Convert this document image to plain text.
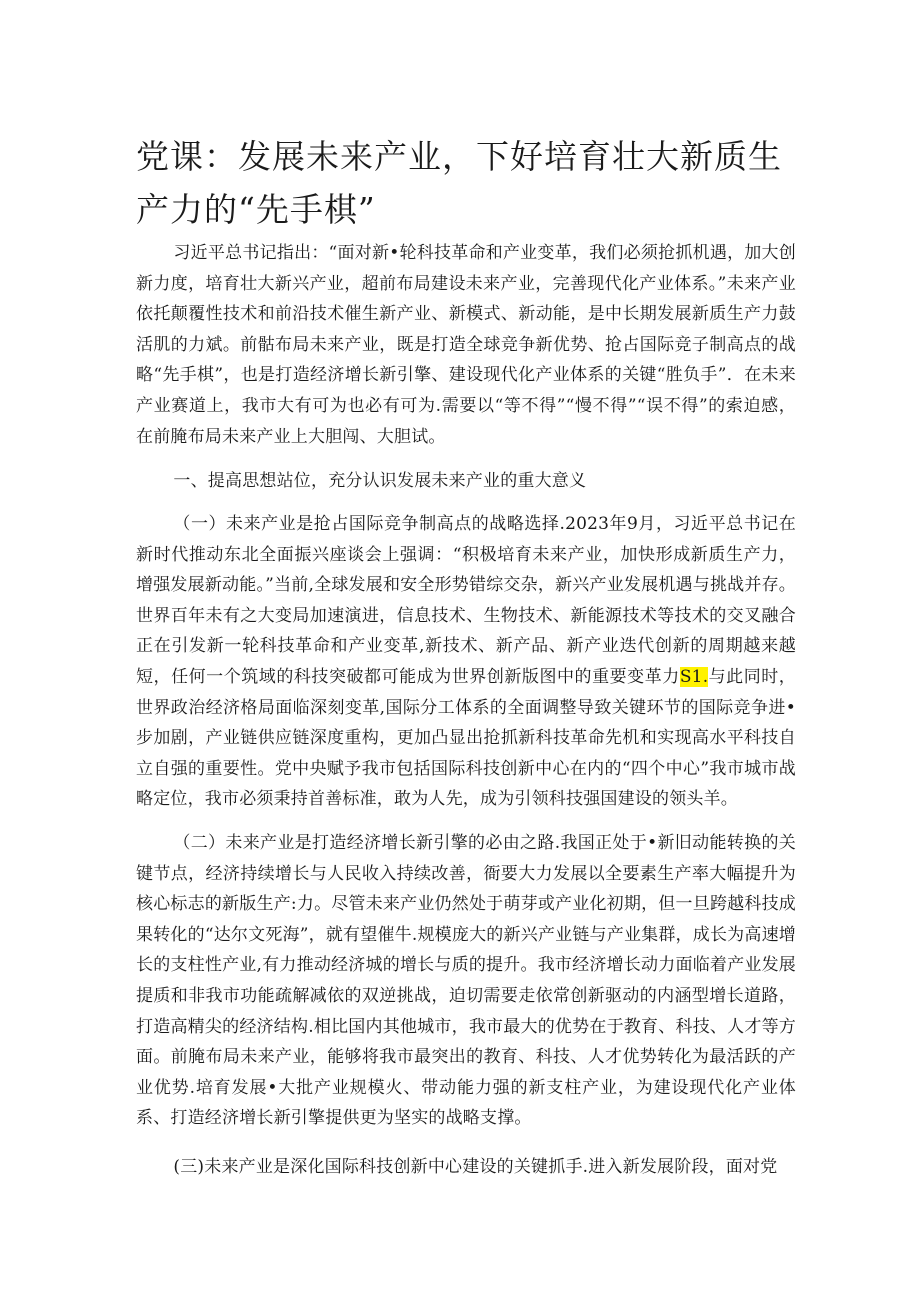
党课：发展未来产业，下好培育壮大新质生产力的“先手棋”

习近平总书记指出：“面对新•轮科技革命和产业变革，我们必须抢抓机遇，加大创新力度，培育壮大新兴产业，超前布局建设未来产业，完善现代化产业体系。”未来产业依托颠覆性技术和前沿技术催生新产业、新模式、新动能，是中长期发展新质生产力鼓活肌的力斌。前骷布局未来产业，既是打造全球竞争新优势、抢占国际竞子制高点的战略“先手棋”，也是打造经济增长新引擎、建设现代化产业体系的关键“胜负手”．在未来产业赛道上，我市大有可为也必有可为.需要以“等不得”“慢不得”“误不得”的索迫感，在前腌布局未来产业上大胆闯、大胆试。

一、提高思想站位，充分认识发展未来产业的重大意义

（一）未来产业是抢占国际竞争制高点的战略选择.2023年9月，习近平总书记在新时代推动东北全面振兴座谈会上强调：“积极培育未来产业，加快形成新质生产力，增强发展新动能。”当前,全球发展和安全形势错综交杂，新兴产业发展机遇与挑战并存。世界百年未有之大变局加速演进，信息技术、生物技术、新能源技术等技术的交叉融合正在引发新一轮科技革命和产业变革,新技术、新产品、新产业迭代创新的周期越来越短，任何一个筑域的科技突破都可能成为世界创新版图中的重要变革力S1.与此同时，世界政治经济格局面临深刻变革,国际分工体系的全面调整导致关键环节的国际竞争进•步加剧，产业链供应链深度重构，更加凸显出抢抓新科技革命先机和实现高水平科技自立自强的重要性。党中央赋予我市包括国际科技创新中心在内的“四个中心”我市城市战略定位，我市必须秉持首善标准，敢为人先，成为引领科技强国建设的领头羊。

（二）未来产业是打造经济增长新引擎的必由之路.我国正处于•新旧动能转换的关键节点，经济持续增长与人民收入持续改善，衙要大力发展以全要素生产率大幅提升为核心标志的新版生产:力。尽管未来产业仍然处于萌芽或产业化初期，但一旦跨越科技成果转化的“达尔文死海”，就有望催牛.规模庞大的新兴产业链与产业集群，成长为高速增长的支柱性产业,有力推动经济城的增长与质的提升。我市经济增长动力面临着产业发展提质和非我市功能疏解减依的双逆挑战，迫切需要走依常创新驱动的内涵型增长道路，打造高精尖的经济结构.相比国内其他城市，我市最大的优势在于教育、科技、人才等方面。前腌布局未来产业，能够将我市最突出的教育、科技、人才优势转化为最活跃的产业优势.培育发展•大批产业规模火、带动能力强的新支柱产业，为建设现代化产业体系、打造经济增长新引擎提供更为坚实的战略支撑。

(三)未来产业是深化国际科技创新中心建设的关键抓手.进入新发展阶段，面对党
